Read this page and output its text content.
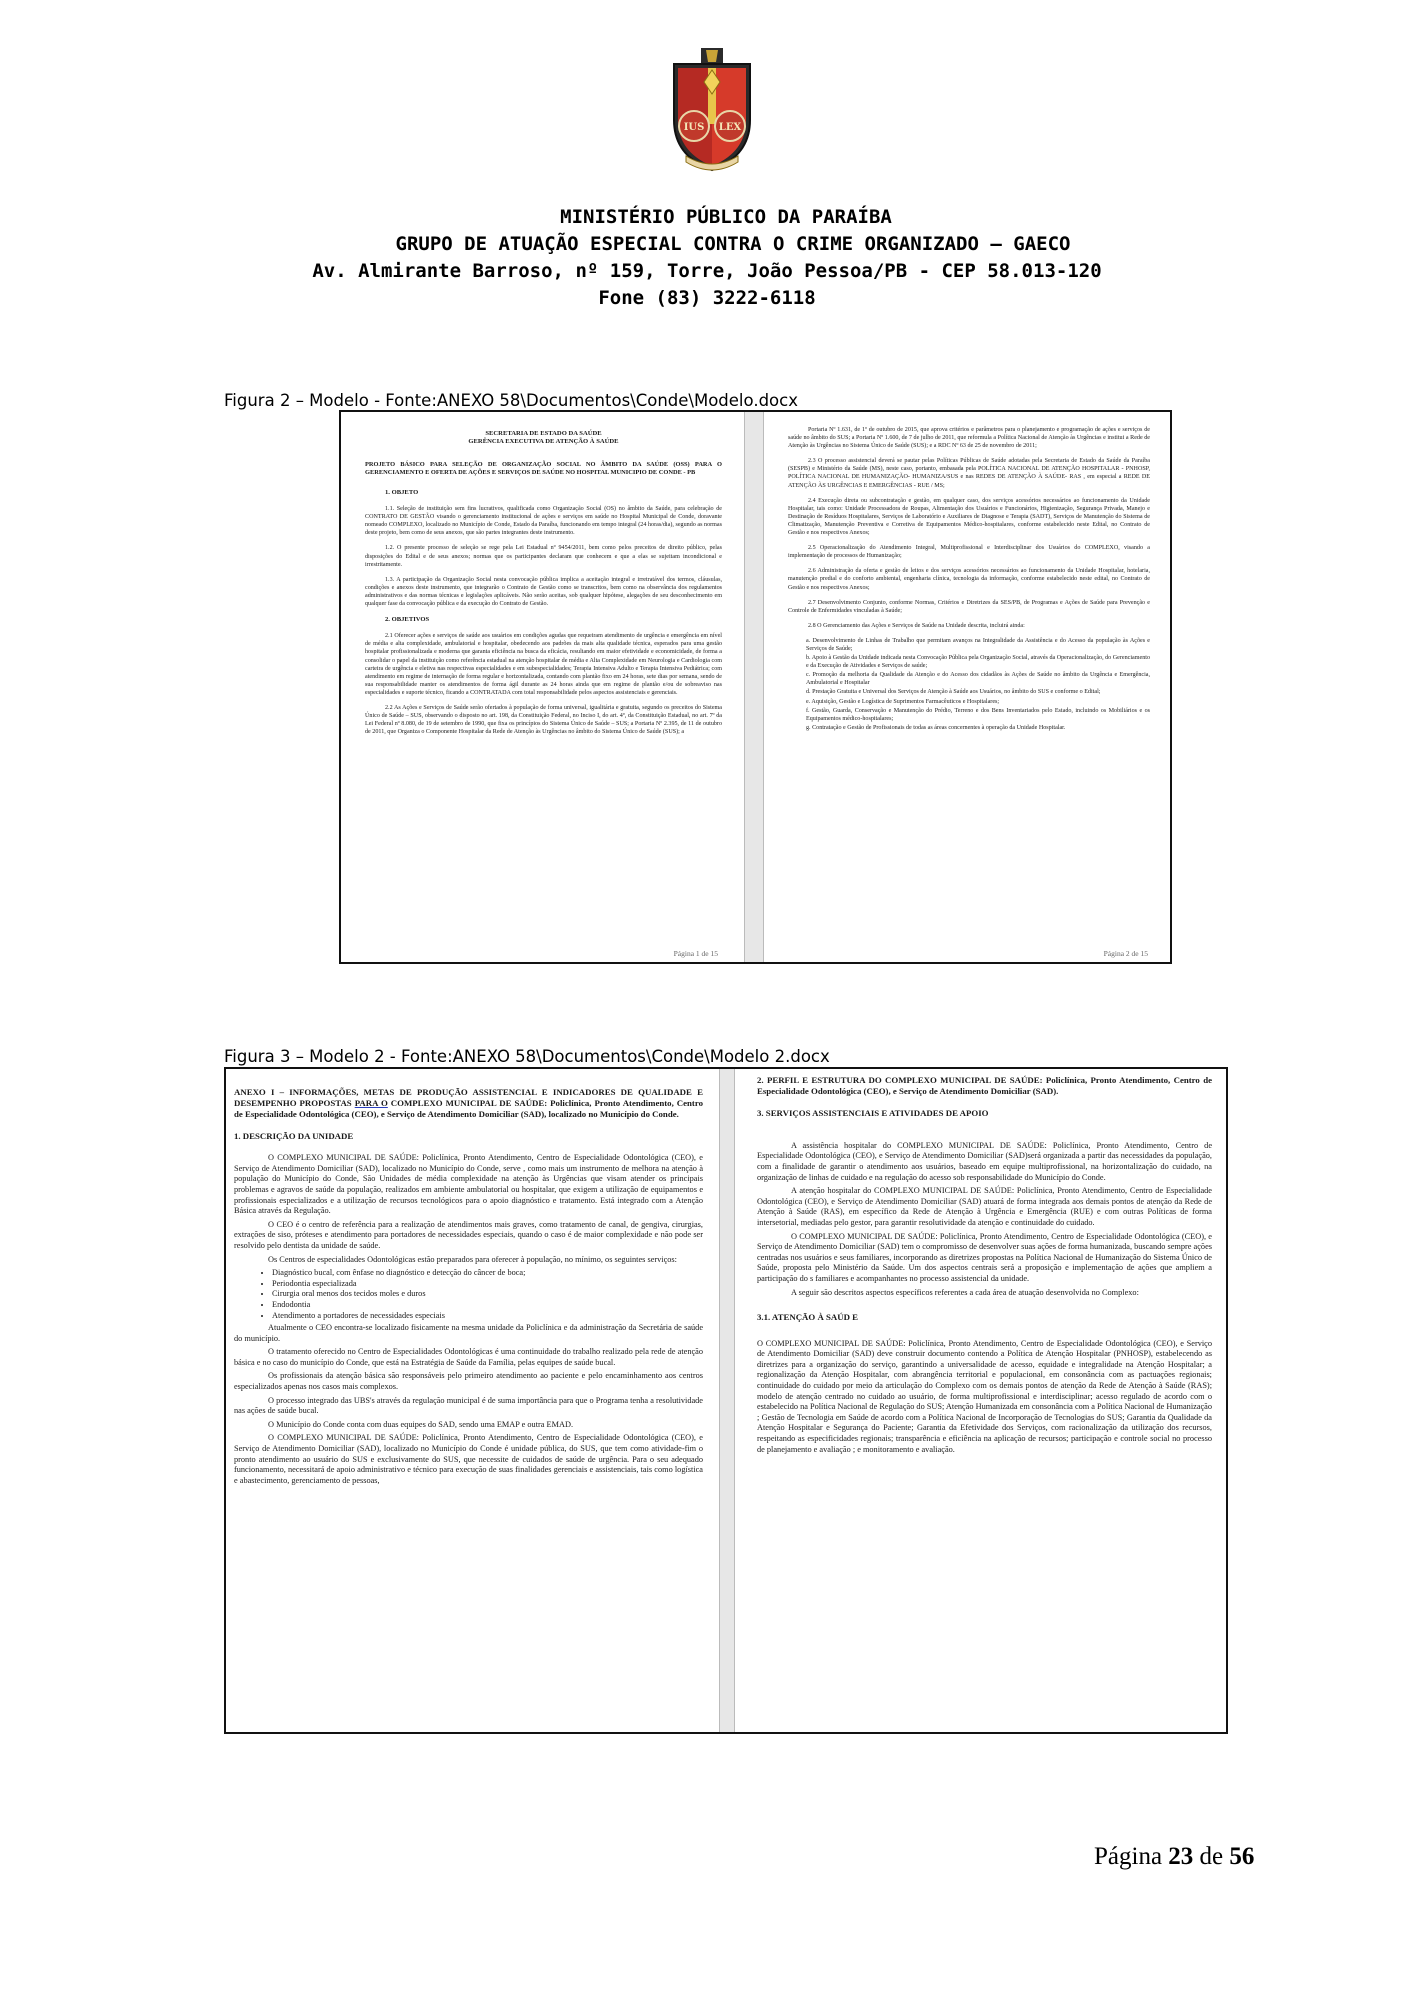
IUS LEX
MINISTÉRIO PÚBLICO DA PARAÍBA
GRUPO DE ATUAÇÃO ESPECIAL CONTRA O CRIME ORGANIZADO – GAECO
Av. Almirante Barroso, nº 159, Torre, João Pessoa/PB - CEP 58.013-120
Fone (83) 3222-6118
Figura 2 – Modelo - Fonte:ANEXO 58\Documentos\Conde\Modelo.docx
SECRETARIA DE ESTADO DA SAÚDE
GERÊNCIA EXECUTIVA DE ATENÇÃO À SAÚDE
PROJETO BÁSICO PARA SELEÇÃO DE ORGANIZAÇÃO SOCIAL NO ÂMBITO DA SAÚDE (OSS) PARA O GERENCIAMENTO E OFERTA DE AÇÕES E SERVIÇOS DE SAÚDE NO HOSPITAL MUNICIPIO DE CONDE - PB
1. OBJETO

1.1. Seleção de instituição sem fins lucrativos, qualificada como Organização Social (OS) no âmbito da Saúde, para celebração de CONTRATO DE GESTÃO visando o gerenciamento institucional de ações e serviços em saúde no Hospital Municipal de Conde, doravante nomeado COMPLEXO, localizado no Município de Conde, Estado da Paraíba, funcionando em tempo integral (24 horas/dia), segundo as normas deste projeto, bem como de seus anexos, que são partes integrantes deste instrumento.

1.2. O presente processo de seleção se rege pela Lei Estadual nº 9454/2011, bem como pelos preceitos de direito público, pelas disposições do Edital e de seus anexos; normas que os participantes declaram que conhecem e que a elas se sujeitam incondicional e irrestritamente.

1.3. A participação da Organização Social nesta convocação pública implica a aceitação integral e irretratável dos termos, cláusulas, condições e anexos deste instrumento, que integrarão o Contrato de Gestão como se transcritos, bem como na observância dos regulamentos administrativos e das normas técnicas e legislações aplicáveis. Não serão aceitas, sob qualquer hipótese, alegações de seu desconhecimento em qualquer fase da convocação pública e da execução do Contrato de Gestão.

2. OBJETIVOS

2.1 Oferecer ações e serviços de saúde aos usuários em condições agudas que requeiram atendimento de urgência e emergência em nível de média e alta complexidade, ambulatorial e hospitalar, obedecendo aos padrões da mais alta qualidade técnica, esperados para uma gestão hospitalar profissionalizada e moderna que garanta eficiência na busca da eficácia, resultando em maior efetividade e economicidade, de forma a consolidar o papel da instituição como referência estadual na atenção hospitalar de média e Alta Complexidade em Neurologia e Cardiologia com carteira de urgência e eletiva nas respectivas especialidades e em subespecialidades; Terapia Intensiva Adulto e Terapia Intensiva Pediátrica; com atendimento em regime de internação de forma regular e horizontalizada, contando com plantão fixo em 24 horas, sete dias por semana, sendo de sua responsabilidade manter os atendimentos de forma ágil durante as 24 horas ainda que em regime de plantão e/ou de sobreaviso nas especialidades e suporte técnico, ficando a CONTRATADA com total responsabilidade pelos aspectos assistenciais e gerenciais.

2.2 As Ações e Serviços de Saúde serão ofertados à população de forma universal, igualitária e gratuita, segundo os preceitos do Sistema Único de Saúde – SUS, observando o disposto no art. 198, da Constituição Federal, no Inciso I, do art. 4º, da Constituição Estadual, no art. 7º da Lei Federal nº 8.080, de 19 de setembro de 1990, que fixa os princípios do Sistema Único de Saúde – SUS; a Portaria Nº 2.395, de 11 de outubro de 2011, que Organiza o Componente Hospitalar da Rede de Atenção às Urgências no âmbito do Sistema Único de Saúde (SUS); a

Página 1 de 15

Portaria Nº 1.631, de 1º de outubro de 2015, que aprova critérios e parâmetros para o planejamento e programação de ações e serviços de saúde no âmbito do SUS; a Portaria Nº 1.600, de 7 de julho de 2011, que reformula a Política Nacional de Atenção às Urgências e institui a Rede de Atenção às Urgências no Sistema Único de Saúde (SUS); e a RDC Nº 63 de 25 de novembro de 2011;

2.3 O processo assistencial deverá se pautar pelas Políticas Públicas de Saúde adotadas pela Secretaria de Estado da Saúde da Paraíba (SESPB) e Ministério da Saúde (MS), neste caso, portanto, embasada pela POLÍTICA NACIONAL DE ATENÇÃO HOSPITALAR - PNHOSP, POLÍTICA NACIONAL DE HUMANIZAÇÃO- HUMANIZA/SUS e nas REDES DE ATENÇÃO À SAÚDE- RAS , em especial a REDE DE ATENÇÃO ÀS URGÊNCIAS E EMERGÊNCIAS - RUE / MS;

2.4 Execução direta ou subcontratação e gestão, em qualquer caso, dos serviços acessórios necessários ao funcionamento da Unidade Hospitalar, tais como: Unidade Processadora de Roupas, Alimentação dos Usuários e Funcionários, Higienização, Segurança Privada, Manejo e Destinação de Resíduos Hospitalares, Serviços de Laboratório e Auxiliares de Diagnose e Terapia (SADT), Serviços de Manutenção do Sistema de Climatização, Manutenção Preventiva e Corretiva de Equipamentos Médico-hospitalares, conforme estabelecido neste Edital, no Contrato de Gestão e nos respectivos Anexos;

2.5 Operacionalização do Atendimento Integral, Multiprofissional e Interdisciplinar dos Usuários do COMPLEXO, visando a implementação de processos de Humanização;

2.6 Administração da oferta e gestão de leitos e dos serviços acessórios necessários ao funcionamento da Unidade Hospitalar, hotelaria, manutenção predial e do conforto ambiental, engenharia clínica, tecnologia da informação, conforme estabelecido neste edital, no Contrato de Gestão e nos respectivos Anexos;

2.7 Desenvolvimento Conjunto, conforme Normas, Critérios e Diretrizes da SES/PB, de Programas e Ações de Saúde para Prevenção e Controle de Enfermidades vinculadas à Saúde;

2.8 O Gerenciamento das Ações e Serviços de Saúde na Unidade descrita, incluirá ainda:

a. Desenvolvimento de Linhas de Trabalho que permitam avanços na Integralidade da Assistência e do Acesso da população às Ações e Serviços de Saúde;
b. Apoio à Gestão da Unidade indicada nesta Convocação Pública pela Organização Social, através da Operacionalização, do Gerenciamento e da Execução de Atividades e Serviços de saúde;
c. Promoção da melhoria da Qualidade da Atenção e do Acesso dos cidadãos às Ações de Saúde no âmbito da Urgência e Emergência, Ambulatorial e Hospitalar
d. Prestação Gratuita e Universal dos Serviços de Atenção à Saúde aos Usuários, no âmbito do SUS e conforme o Edital;
e. Aquisição, Gestão e Logística de Suprimentos Farmacêuticos e Hospitalares;
f. Gestão, Guarda, Conservação e Manutenção do Prédio, Terreno e dos Bens Inventariados pelo Estado, incluindo os Mobiliários e os Equipamentos médico-hospitalares;
g. Contratação e Gestão de Profissionais de todas as áreas concernentes à operação da Unidade Hospitalar.
Página 2 de 15
Figura 3 – Modelo 2 - Fonte:ANEXO 58\Documentos\Conde\Modelo 2.docx
ANEXO I – INFORMAÇÕES, METAS DE PRODUÇÃO ASSISTENCIAL E INDICADORES DE QUALIDADE E DESEMPENHO PROPOSTAS PARA O COMPLEXO MUNICIPAL DE SAÚDE: Policlínica, Pronto Atendimento, Centro de Especialidade Odontológica (CEO), e Serviço de Atendimento Domiciliar (SAD), localizado no Município do Conde.
1. DESCRIÇÃO DA UNIDADE

O COMPLEXO MUNICIPAL DE SAÚDE: Policlínica, Pronto Atendimento, Centro de Especialidade Odontológica (CEO), e Serviço de Atendimento Domiciliar (SAD), localizado no Município do Conde, serve , como mais um instrumento de melhora na atenção à população do Município do Conde, São Unidades de média complexidade na atenção às Urgências que visam atender os principais problemas e agravos de saúde da população, realizados em ambiente ambulatorial ou hospitalar, que exigem a utilização de equipamentos e profissionais especializados e a utilização de recursos tecnológicos para o apoio diagnóstico e tratamento. Está integrado com a Atenção Básica através da Regulação.

O CEO é o centro de referência para a realização de atendimentos mais graves, como tratamento de canal, de gengiva, cirurgias, extrações de siso, próteses e atendimento para portadores de necessidades especiais, quando o caso é de maior complexidade e não pode ser resolvido pelo dentista da unidade de saúde.

Os Centros de especialidades Odontológicas estão preparados para oferecer à população, no mínimo, os seguintes serviços:

• Diagnóstico bucal, com ênfase no diagnóstico e detecção do câncer de boca;
• Periodontia especializada
• Cirurgia oral menos dos tecidos moles e duros
• Endodontia
• Atendimento a portadores de necessidades especiais

Atualmente o CEO encontra-se localizado fisicamente na mesma unidade da Policlínica e da administração da Secretária de saúde do município.

O tratamento oferecido no Centro de Especialidades Odontológicas é uma continuidade do trabalho realizado pela rede de atenção básica e no caso do município do Conde, que está na Estratégia de Saúde da Família, pelas equipes de saúde bucal.

Os profissionais da atenção básica são responsáveis pelo primeiro atendimento ao paciente e pelo encaminhamento aos centros especializados apenas nos casos mais complexos.

O processo integrado das UBS's através da regulação municipal é de suma importância para que o Programa tenha a resolutividade nas ações de saúde bucal.

O Município do Conde conta com duas equipes do SAD, sendo uma EMAP e outra EMAD.

O COMPLEXO MUNICIPAL DE SAÚDE: Policlínica, Pronto Atendimento, Centro de Especialidade Odontológica (CEO), e Serviço de Atendimento Domiciliar (SAD), localizado no Município do Conde é unidade pública, do SUS, que tem como atividade-fim o pronto atendimento ao usuário do SUS e exclusivamente do SUS, que necessite de cuidados de saúde de urgência. Para o seu adequado funcionamento, necessitará de apoio administrativo e técnico para execução de suas finalidades gerenciais e assistenciais, tais como logística e abastecimento, gerenciamento de pessoas,

2. PERFIL E ESTRUTURA DO COMPLEXO MUNICIPAL DE SAÚDE: Policlínica, Pronto Atendimento, Centro de Especialidade Odontológica (CEO), e Serviço de Atendimento Domiciliar (SAD).
3. SERVIÇOS ASSISTENCIAIS E ATIVIDADES DE APOIO

A assistência hospitalar do COMPLEXO MUNICIPAL DE SAÚDE: Policlínica, Pronto Atendimento, Centro de Especialidade Odontológica (CEO), e Serviço de Atendimento Domiciliar (SAD)será organizada a partir das necessidades da população, com a finalidade de garantir o atendimento aos usuários, baseado em equipe multiprofissional, na horizontalização do cuidado, na organização de linhas de cuidado e na regulação do acesso sob responsabilidade do Município do Conde.

A atenção hospitalar do COMPLEXO MUNICIPAL DE SAÚDE: Policlínica, Pronto Atendimento, Centro de Especialidade Odontológica (CEO), e Serviço de Atendimento Domiciliar (SAD) atuará de forma integrada aos demais pontos de atenção da Rede de Atenção à Saúde (RAS), em específico da Rede de Atenção à Urgência e Emergência (RUE) e com outras Políticas de forma intersetorial, mediadas pelo gestor, para garantir resolutividade da atenção e continuidade do cuidado.

O COMPLEXO MUNICIPAL DE SAÚDE: Policlínica, Pronto Atendimento, Centro de Especialidade Odontológica (CEO), e Serviço de Atendimento Domiciliar (SAD) tem o compromisso de desenvolver suas ações de forma humanizada, buscando sempre ações centradas nos usuários e seus familiares, incorporando as diretrizes propostas na Política Nacional de Humanização do Sistema Único de Saúde, proposta pelo Ministério da Saúde. Um dos aspectos centrais será a proposição e implementação de ações que ampliem a participação do s familiares e acompanhantes no processo assistencial da unidade.

A seguir são descritos aspectos específicos referentes a cada área de atuação desenvolvida no Complexo:

3.1. ATENÇÃO À SAÚD E

O COMPLEXO MUNICIPAL DE SAÚDE: Policlínica, Pronto Atendimento, Centro de Especialidade Odontológica (CEO), e Serviço de Atendimento Domiciliar (SAD) deve construir documento contendo a Política de Atenção Hospitalar (PNHOSP), estabelecendo as diretrizes para a organização do serviço, garantindo a universalidade de acesso, equidade e integralidade na Atenção Hospitalar; a regionalização da Atenção Hospitalar, com abrangência territorial e populacional, em consonância com as pactuações regionais; continuidade do cuidado por meio da articulação do Complexo com os demais pontos de atenção da Rede de Atenção à Saúde (RAS); modelo de atenção centrado no cuidado ao usuário, de forma multiprofissional e interdisciplinar; acesso regulado de acordo com o estabelecido na Política Nacional de Regulação do SUS; Atenção Humanizada em consonância com a Política Nacional de Humanização ; Gestão de Tecnologia em Saúde de acordo com a Política Nacional de Incorporação de Tecnologias do SUS; Garantia da Qualidade da Atenção Hospitalar e Segurança do Paciente; Garantia da Efetividade dos Serviços, com racionalização da utilização dos recursos, respeitando as especificidades regionais; transparência e eficiência na aplicação de recursos; participação e controle social no processo de planejamento e avaliação ; e monitoramento e avaliação.

Página 23 de 56
